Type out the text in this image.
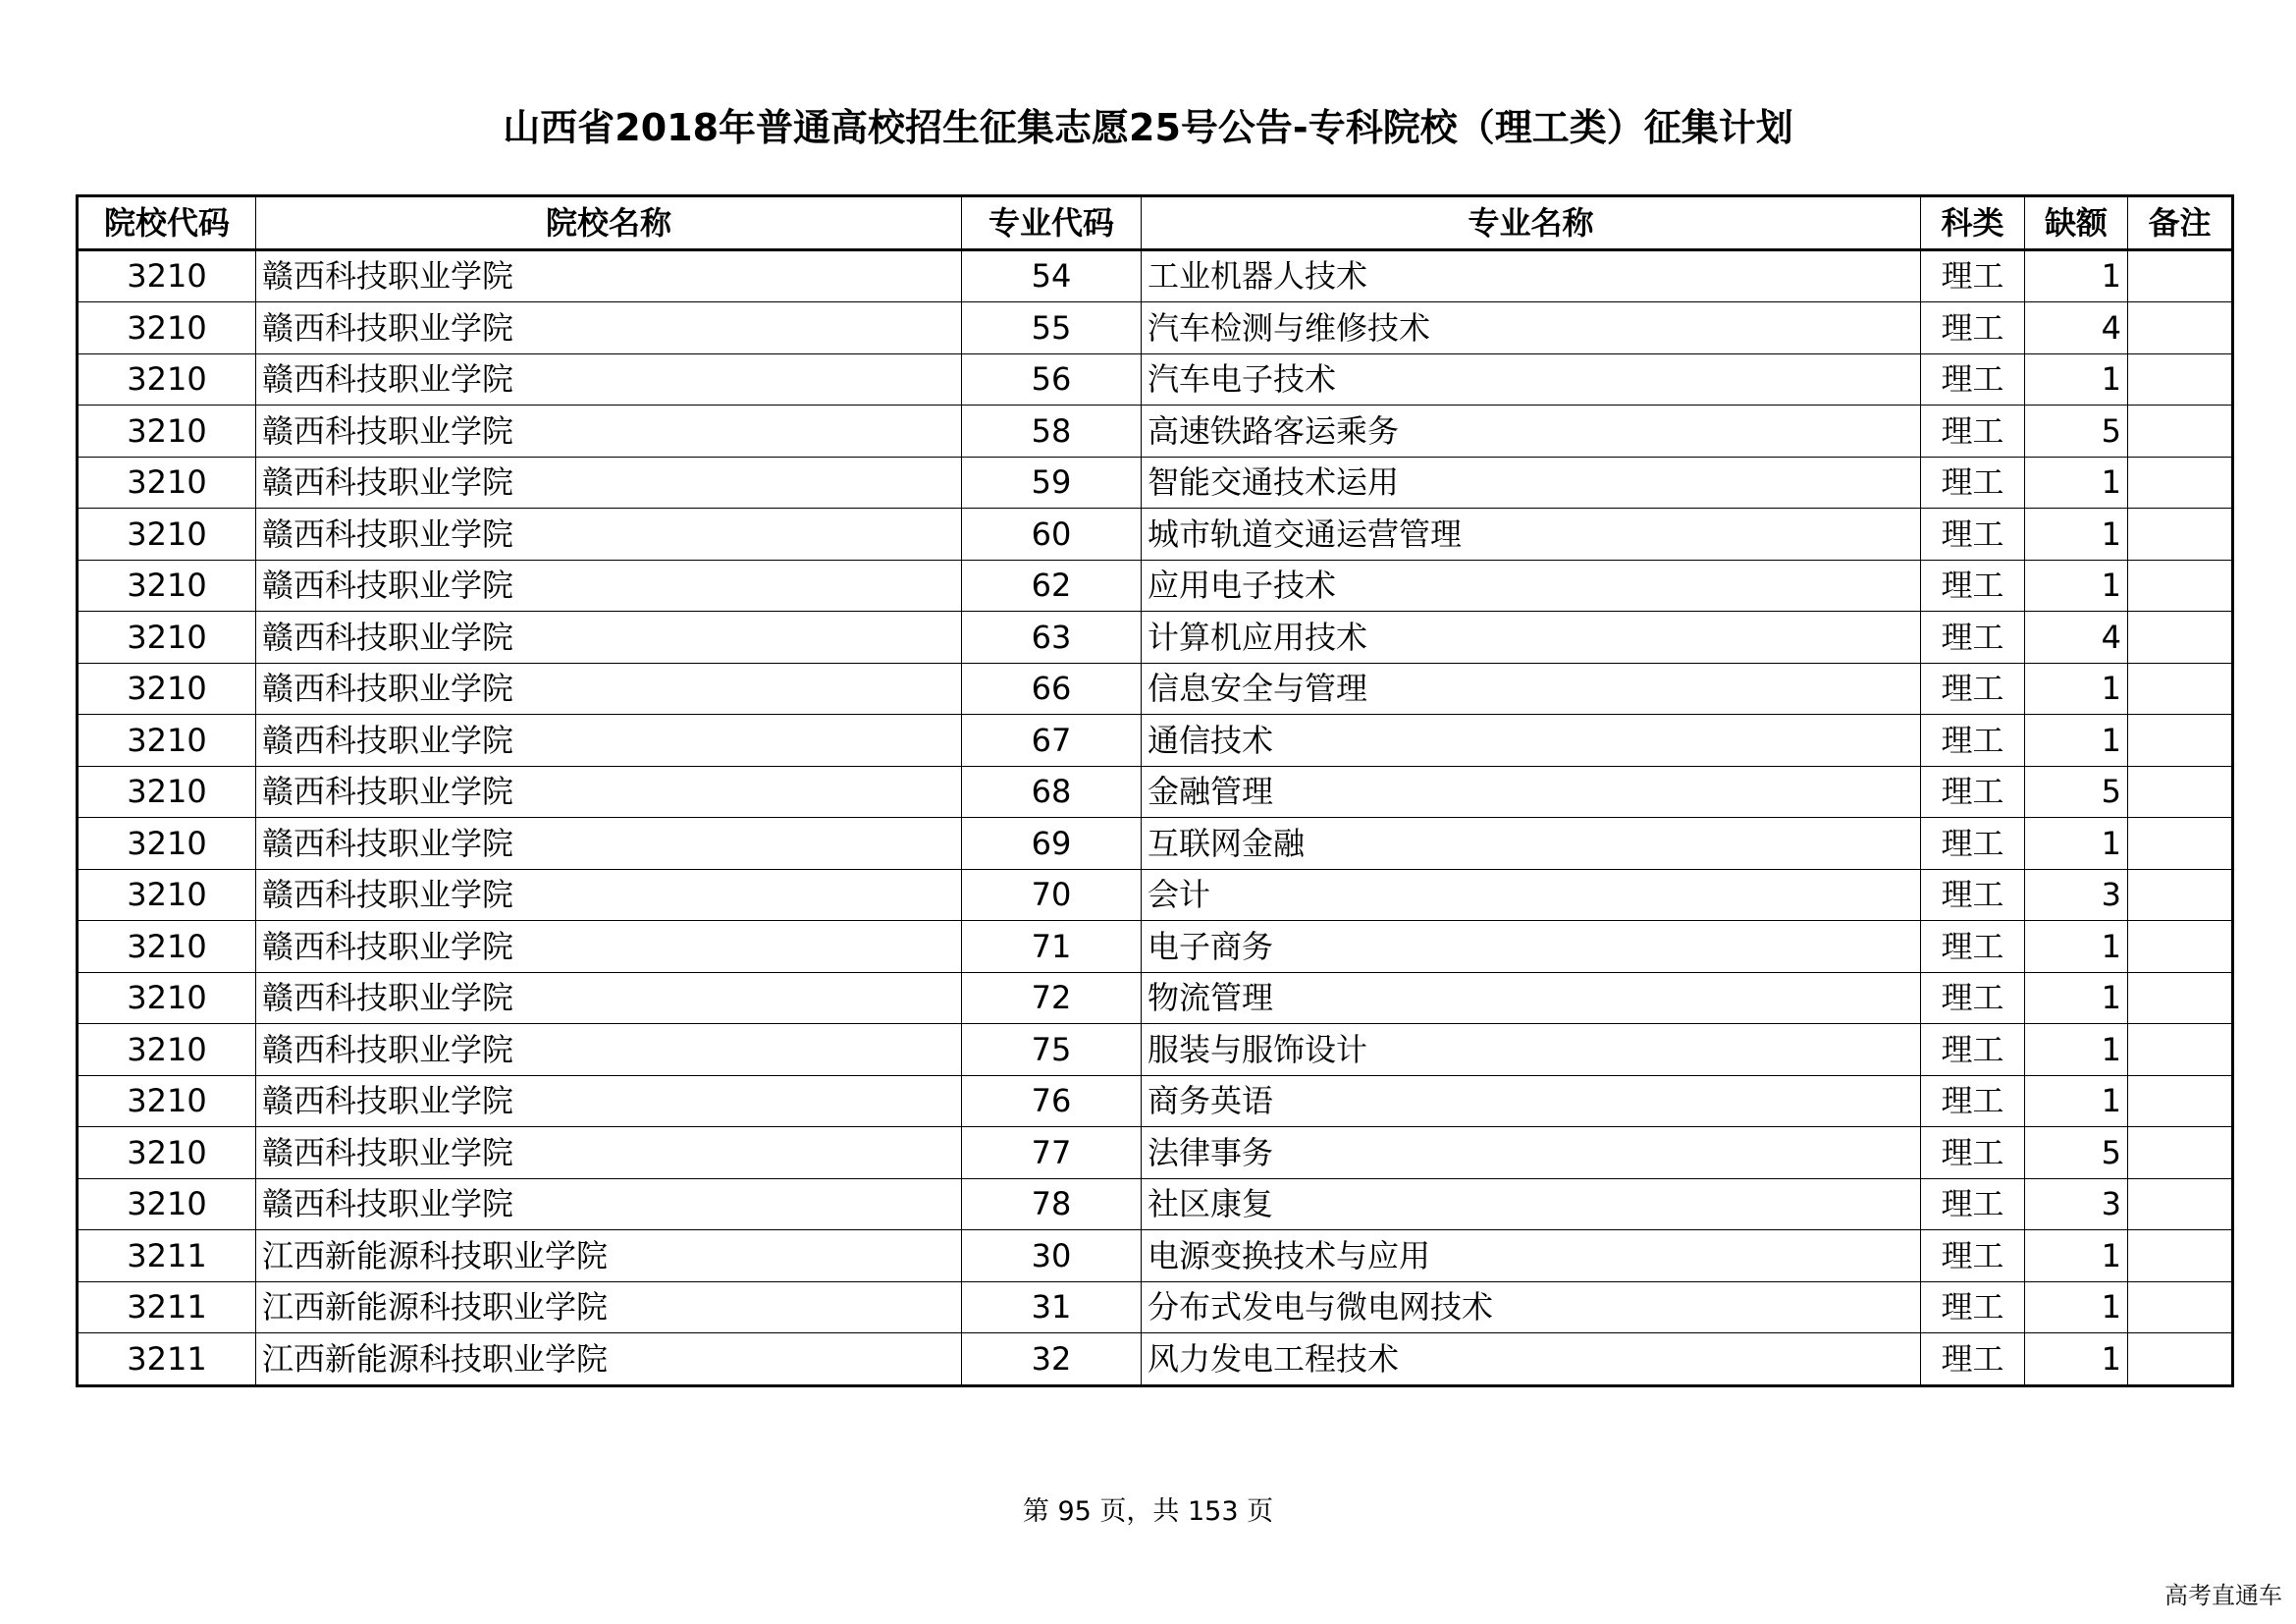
山西省2018年普通高校招生征集志愿25号公告-专科院校（理工类）征集计划
院校代码	院校名称	专业代码	专业名称	科类	缺额	备注
3210	赣西科技职业学院	54	工业机器人技术	理工	1	
3210	赣西科技职业学院	55	汽车检测与维修技术	理工	4	
3210	赣西科技职业学院	56	汽车电子技术	理工	1	
3210	赣西科技职业学院	58	高速铁路客运乘务	理工	5	
3210	赣西科技职业学院	59	智能交通技术运用	理工	1	
3210	赣西科技职业学院	60	城市轨道交通运营管理	理工	1	
3210	赣西科技职业学院	62	应用电子技术	理工	1	
3210	赣西科技职业学院	63	计算机应用技术	理工	4	
3210	赣西科技职业学院	66	信息安全与管理	理工	1	
3210	赣西科技职业学院	67	通信技术	理工	1	
3210	赣西科技职业学院	68	金融管理	理工	5	
3210	赣西科技职业学院	69	互联网金融	理工	1	
3210	赣西科技职业学院	70	会计	理工	3	
3210	赣西科技职业学院	71	电子商务	理工	1	
3210	赣西科技职业学院	72	物流管理	理工	1	
3210	赣西科技职业学院	75	服装与服饰设计	理工	1	
3210	赣西科技职业学院	76	商务英语	理工	1	
3210	赣西科技职业学院	77	法律事务	理工	5	
3210	赣西科技职业学院	78	社区康复	理工	3	
3211	江西新能源科技职业学院	30	电源变换技术与应用	理工	1	
3211	江西新能源科技职业学院	31	分布式发电与微电网技术	理工	1	
3211	江西新能源科技职业学院	32	风力发电工程技术	理工	1	
第 95 页，共 153 页
高考直通车
